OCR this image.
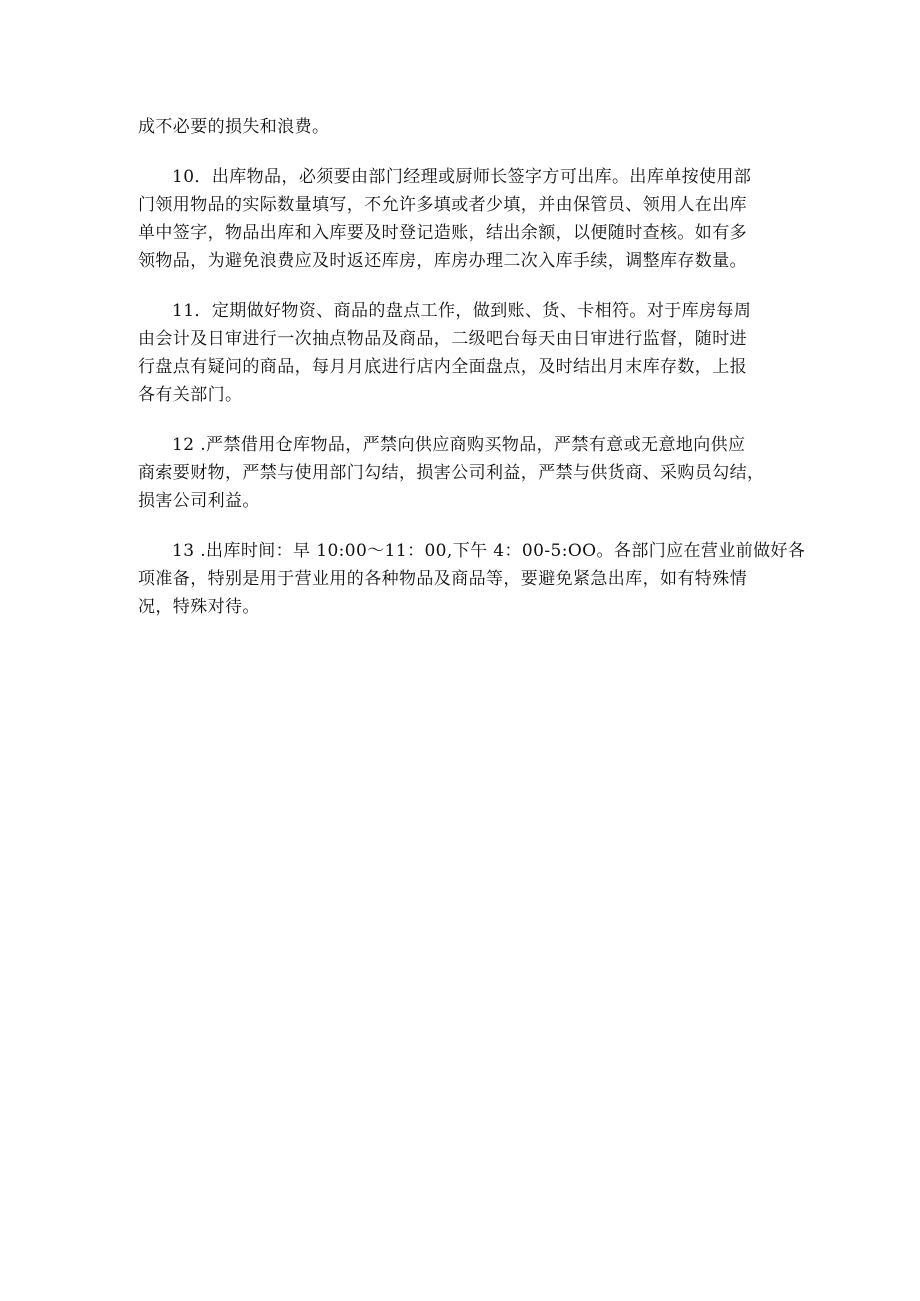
成不必要的损失和浪费。
10．出库物品，必须要由部门经理或厨师长签字方可出库。出库单按使用部
门领用物品的实际数量填写，不允许多填或者少填，并由保管员、领用人在出库
单中签字，物品出库和入库要及时登记造账，结出余额，以便随时查核。如有多
领物品，为避免浪费应及时返还库房，库房办理二次入库手续，调整库存数量。
11．定期做好物资、商品的盘点工作，做到账、货、卡相符。对于库房每周
由会计及日审进行一次抽点物品及商品，二级吧台每天由日审进行监督，随时进
行盘点有疑问的商品，每月月底进行店内全面盘点，及时结出月末库存数，上报
各有关部门。
12 .严禁借用仓库物品，严禁向供应商购买物品，严禁有意或无意地向供应
商索要财物，严禁与使用部门勾结，损害公司利益，严禁与供货商、采购员勾结，
损害公司利益。
13 .出库时间：早 10:00～11：00,下午 4：00-5:OO。各部门应在营业前做好各
项准备，特别是用于营业用的各种物品及商品等，要避免紧急出库，如有特殊情
况，特殊对待。
